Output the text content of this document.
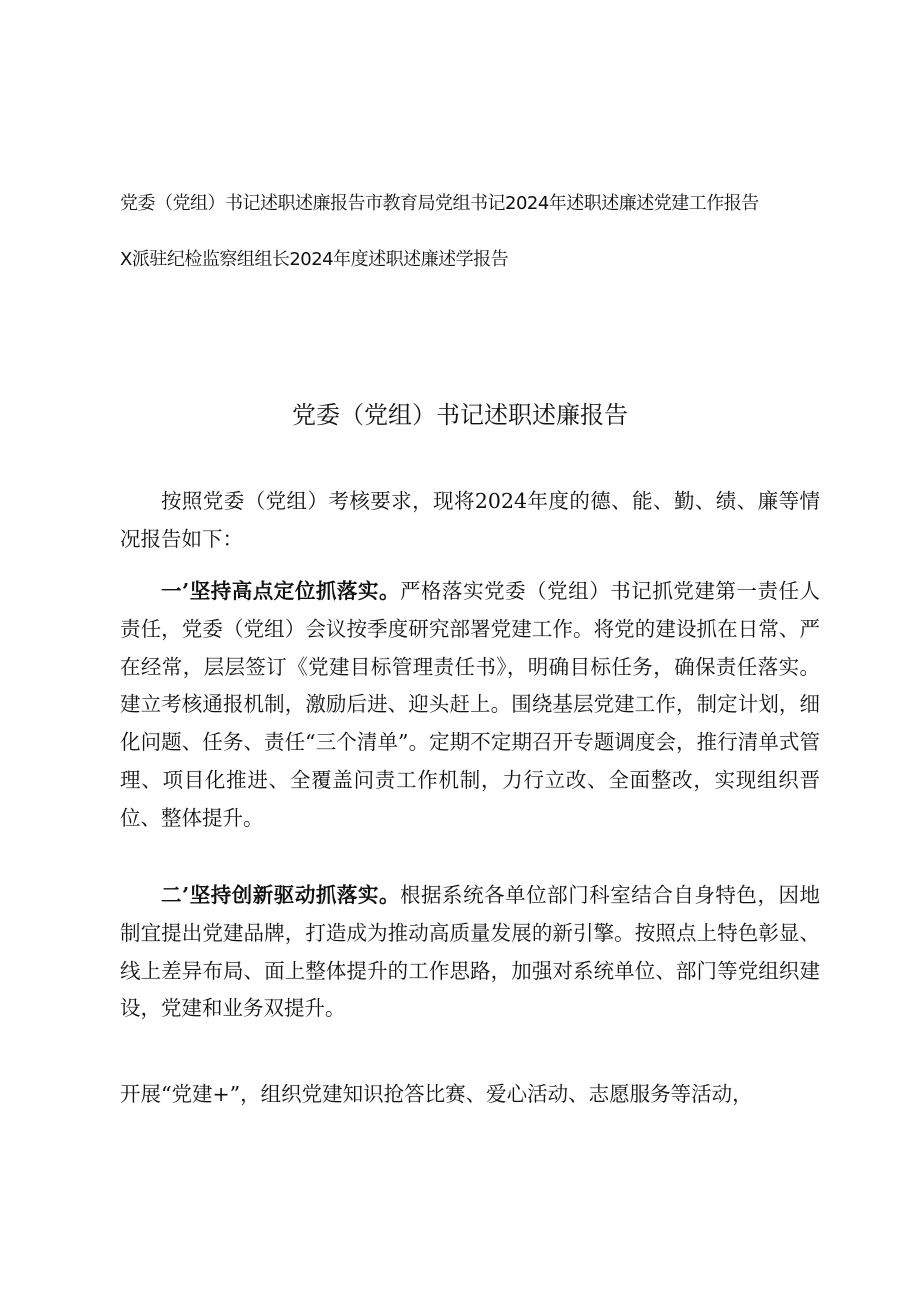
党委（党组）书记述职述廉报告市教育局党组书记2024年述职述廉述党建工作报告
X派驻纪检监察组组长2024年度述职述廉述学报告
党委（党组）书记述职述廉报告

按照党委（党组）考核要求，现将2024年度的德、能、勤、绩、廉等情况报告如下：

一’坚持高点定位抓落实。严格落实党委（党组）书记抓党建第一责任人责任，党委（党组）会议按季度研究部署党建工作。将党的建设抓在日常、严在经常，层层签订《党建目标管理责任书》，明确目标任务，确保责任落实。建立考核通报机制，激励后进、迎头赶上。围绕基层党建工作，制定计划，细化问题、任务、责任“三个清单”。定期不定期召开专题调度会，推行清单式管理、项目化推进、全覆盖问责工作机制，力行立改、全面整改，实现组织晋位、整体提升。

二’坚持创新驱动抓落实。根据系统各单位部门科室结合自身特色，因地制宜提出党建品牌，打造成为推动高质量发展的新引擎。按照点上特色彰显、线上差异布局、面上整体提升的工作思路，加强对系统单位、部门等党组织建设，党建和业务双提升。

开展“党建+”，组织党建知识抢答比赛、爱心活动、志愿服务等活动，
